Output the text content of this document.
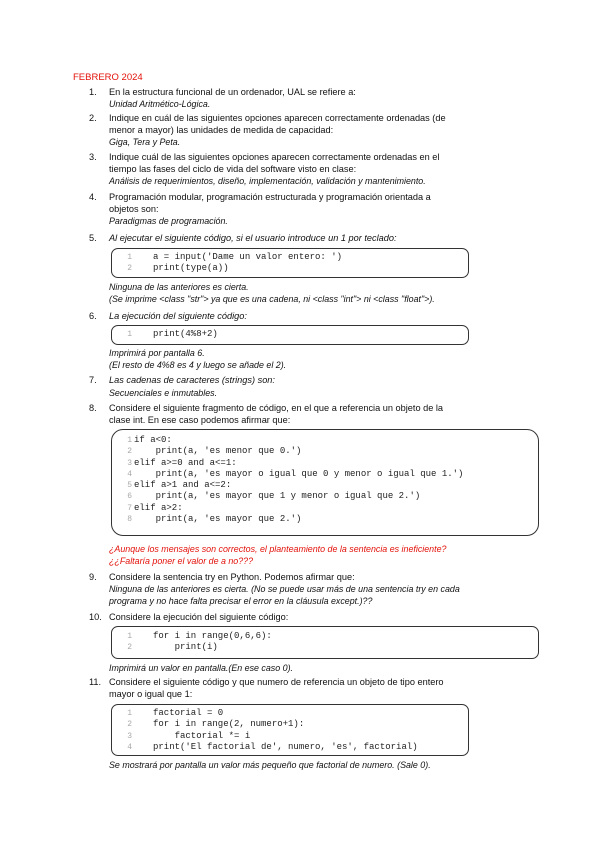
FEBRERO 2024
1. En la estructura funcional de un ordenador, UAL se refiere a:
Unidad Aritmético-Lógica.
2. Indique en cuál de las siguientes opciones aparecen correctamente ordenadas (de
menor a mayor) las unidades de medida de capacidad:
Giga, Tera y Peta.
3. Indique cuál de las siguientes opciones aparecen correctamente ordenadas en el
tiempo las fases del ciclo de vida del software visto en clase:
Análisis de requerimientos, diseño, implementación, validación y mantenimiento.
4. Programación modular, programación estructurada y programación orientada a
objetos son:
Paradigmas de programación.
5. Al ejecutar el siguiente código, si el usuario introduce un 1 por teclado:
1 a = input('Dame un valor entero: ')
2 print(type(a))
Ninguna de las anteriores es cierta.
(Se imprime <class "str"> ya que es una cadena, ni <class "int"> ni <class "float">).
6. La ejecución del siguiente código:
1 print(4%8+2)
Imprimirá por pantalla 6.
(El resto de 4%8 es 4 y luego se añade el 2).
7. Las cadenas de caracteres (strings) son:
Secuenciales e inmutables.
8. Considere el siguiente fragmento de código, en el que a referencia un objeto de la
clase int. En ese caso podemos afirmar que:
1 if a<0:
2 print(a, 'es menor que 0.')
3 elif a>=0 and a<=1:
4 print(a, 'es mayor o igual que 0 y menor o igual que 1.')
5 elif a>1 and a<=2:
6 print(a, 'es mayor que 1 y menor o igual que 2.')
7 elif a>2:
8 print(a, 'es mayor que 2.')
¿Aunque los mensajes son correctos, el planteamiento de la sentencia es ineficiente?
¿¿Faltaría poner el valor de a no???
9. Considere la sentencia try en Python. Podemos afirmar que:
Ninguna de las anteriores es cierta. (No se puede usar más de una sentencia try en cada
programa y no hace falta precisar el error en la cláusula except.)??
10. Considere la ejecución del siguiente código:
1 for i in range(0,6,6):
2 print(i)
Imprimirá un valor en pantalla.(En ese caso 0).
11. Considere el siguiente código y que numero de referencia un objeto de tipo entero
mayor o igual que 1:
1 factorial = 0
2 for i in range(2, numero+1):
3 factorial *= i
4 print('El factorial de', numero, 'es', factorial)
Se mostrará por pantalla un valor más pequeño que factorial de numero. (Sale 0).
